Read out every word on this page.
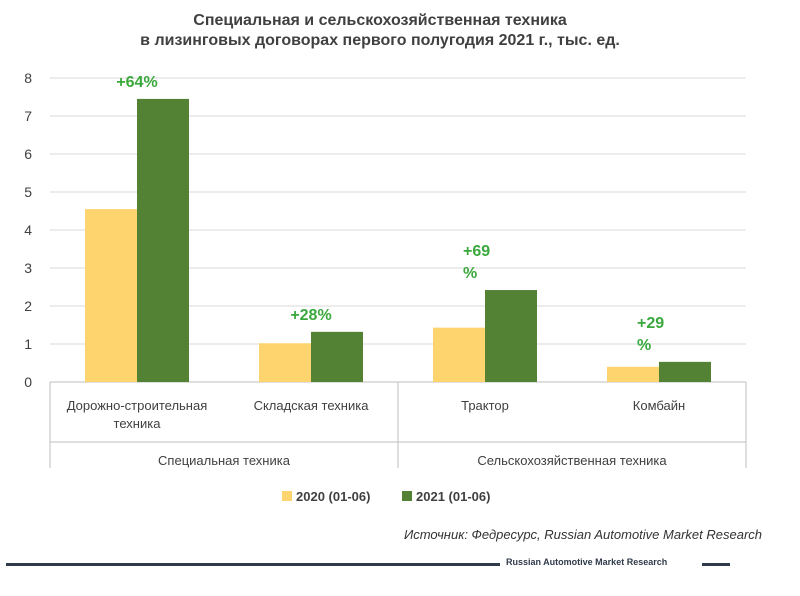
Специальная и сельскохозяйственная техника
в лизинговых договорах первого полугодия 2021 г., тыс. ед.
0
1
2
3
4
5
6
7
8
Дорожно-строительная
техника
+64%
Складская техника
+28%
Трактор
+69
%
Комбайн
+29
%
Специальная техника	Сельскохозяйственная техника
2020 (01-06)	2021 (01-06)
Источник: Федресурс, Russian Automotive Market Research
Russian Automotive Market Research
